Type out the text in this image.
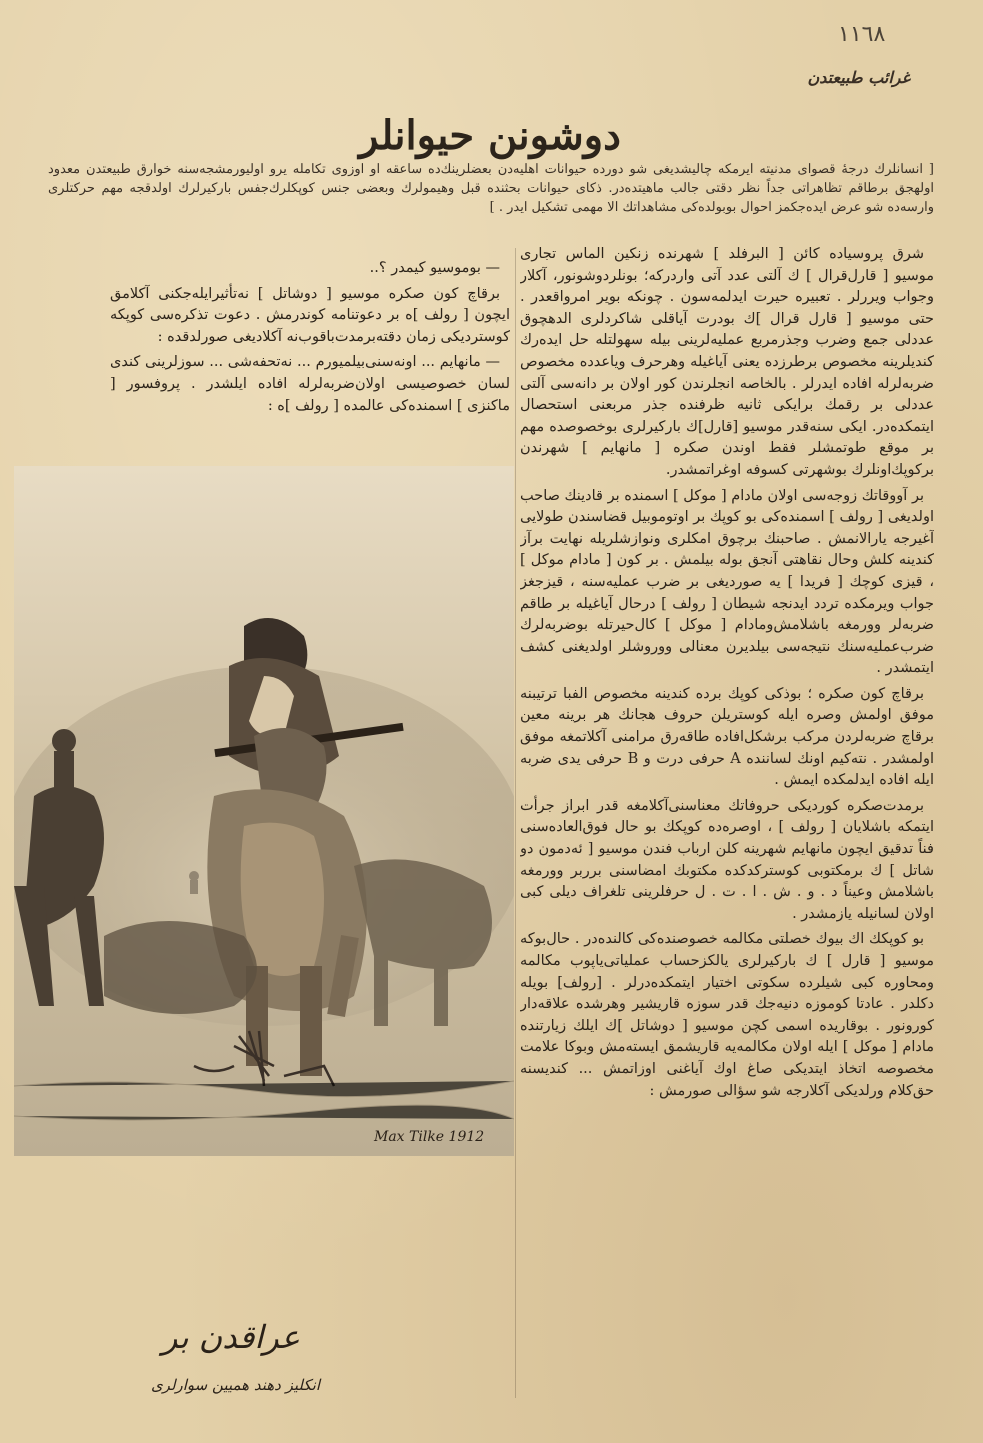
١١٦٨
غرائب طبيعتدن
دوشونن حیوانلر
[ انسانلرك درجهٔ قصوای مدنیته ایرمكه چالیشدیغی شو دورده حیوانات اهلیه‌دن بعضلرینك‌ده ساعقه او اوزوی تكامله یرو اولیورمشجه‌سنه خوارق طبیعتدن معدود اولهجق برطاقم تظاهراتی جداً نظر دقتی جالب ماهیتده‌در. ذكای حیوانات بحثنده قبل وهیمولرك وبعضی جنس كوپكلرك‌جفس باركیرلرك اولدقجه مهم حركتلری وارسه‌ده شو عرض ایده‌جكمز احوال بوبولده‌كی مشاهداتك الا مهمی تشكیل ایدر . ]

شرق پروسیاده كائن [ البرفلد ] شهرنده زنكین الماس تجاری موسیو [ قارل‌قرال ] ك آلتی عدد آتی واردركه؛ بونلردوشونور، آكلار وجواب ویررلر . تعبیره حیرت ایدلمه‌سون . چونكه بویر امرواقعدر . حتی موسیو [ قارل قرال ]ك بودرت آیاقلی شاكردلری الدهچوق عددلی جمع وضرب وجذرمربع عملیه‌لرینی بیله سهولتله حل ایده‌رك كندیلرینه مخصوص برطرزده یعنی آیاغیله وهرحرف ویاعدده مخصوص ضربه‌لرله افاده ایدرلر . بالخاصه انجلرندن كور اولان بر دانه‌سی آلتی عددلی بر رقمك برایكی ثانیه ظرفنده جذر مربعنی استحصال ایتمكده‌در. ایكی سنه‌قدر موسیو [قارل]ك باركیرلری بوخصوصده مهم بر موقع طوتمشلر فقط اوندن صكره [ مانهایم ] شهرندن بركوپك‌اونلرك بوشهرتی كسوفه اوغراتمشدر.

بر آووقاتك زوجه‌سی اولان مادام [ موكل ] اسمنده بر قادینك صاحب اولدیغی [ رولف ] اسمنده‌كی بو كوپك بر اوتوموبیل قضاسندن طولایی آغیرجه یارالانمش . صاحبنك برچوق امكلری ونوازشلریله نهایت برآز كندینه كلش وحال نقاهتی آنجق بوله بیلمش . بر كون [ مادام موكل ] ، قیزی كوچك [ فریدا ] یه صوردیغی بر ضرب عملیه‌سنه ، قیزجغز جواب ویرمكده تردد ایدنجه شیطان [ رولف ] درحال آیاغیله بر طاقم ضربه‌لر وورمغه باشلامش‌ومادام [ موكل ] كال‌حیرتله بوضربه‌لرك ضرب‌عملیه‌سنك نتیجه‌سی بیلدیرن معنالی ووروشلر اولدیغنی كشف ایتمشدر .

برقاچ كون صكره ؛ بوذكی كوپك برده كندینه مخصوص الفبا ترتیبنه موفق اولمش وصره ایله كوستریلن حروف هجانك هر برینه معین برقاچ ضربه‌لردن مركب برشكل‌افاده طاقه‌رق مرامنی آكلاتمغه موفق اولمشدر . نته‌كیم اونك لساننده A حرفی درت و B حرفی یدی ضربه ایله افاده ایدلمكده ایمش .

برمدت‌صكره كوردیكی حروفاتك معناسنی‌آكلامغه قدر ابراز جرأت ایتمكه باشلایان [ رولف ] ، اوصره‌ده كوپكك بو حال فوق‌العاده‌سنی فناً تدقیق ایچون مانهایم شهرینه كلن ارباب فندن موسیو [ ئه‌دمون دو شاتل ] ك برمكتوبی كوستركدكده مكتوبك امضاسنی برربر وورمغه باشلامش وعیناً د . و . ش . ا . ت . ل حرفلرینی تلغراف دیلی كبی اولان لسانیله یازمشدر .

بو كوپكك اك بیوك خصلتی مكالمه خصوصنده‌كی كالنده‌در . حال‌بوكه موسیو [ قارل ] ك باركیرلری یالكزحساب عملیاتی‌یاپوب مكالمه ومحاوره كبی شیلرده سكوتی اختیار ایتمكده‌درلر . [رولف] بویله دكلدر . عادتا كوموزه دنیه‌جك قدر سوزه قاریشیر وهرشده علاقه‌دار كورونور . بوقاریده اسمی كچن موسیو [ دوشاتل ]ك ایلك زیارتنده مادام [ موكل ] ایله اولان مكالمه‌یه قاریشمق ایسته‌مش وبوكا علامت مخصوصه اتخاذ ایتدیكی صاغ اوك آیاغنی اوزاتمش ... كندیسنه حق‌كلام ورلدیكی آكلارجه شو سؤالی صورمش :

— بوموسیو كیمدر ؟..

برقاچ كون صكره موسیو [ دوشاتل ] نه‌تأثیرایله‌جكنی آكلامق ایچون [ رولف ]ه بر دعوتنامه كوندرمش . دعوت تذكره‌سی كوپكه كوستردیكی زمان دقته‌برمدت‌باقوب‌نه آكلادیغی صورلدقده :

— مانهایم ... اونه‌سنی‌بیلمیورم ... نه‌تحفه‌شی ... سوزلرینی كندی لسان خصوصیسی اولان‌ضربه‌لرله افاده ایلشدر . پروفسور [ ماكنزی ] اسمنده‌كی عالمده [ رولف ]ه :

Max Tilke 1912
عراقدن بر
انكلیز دهند همیین سوارلری
